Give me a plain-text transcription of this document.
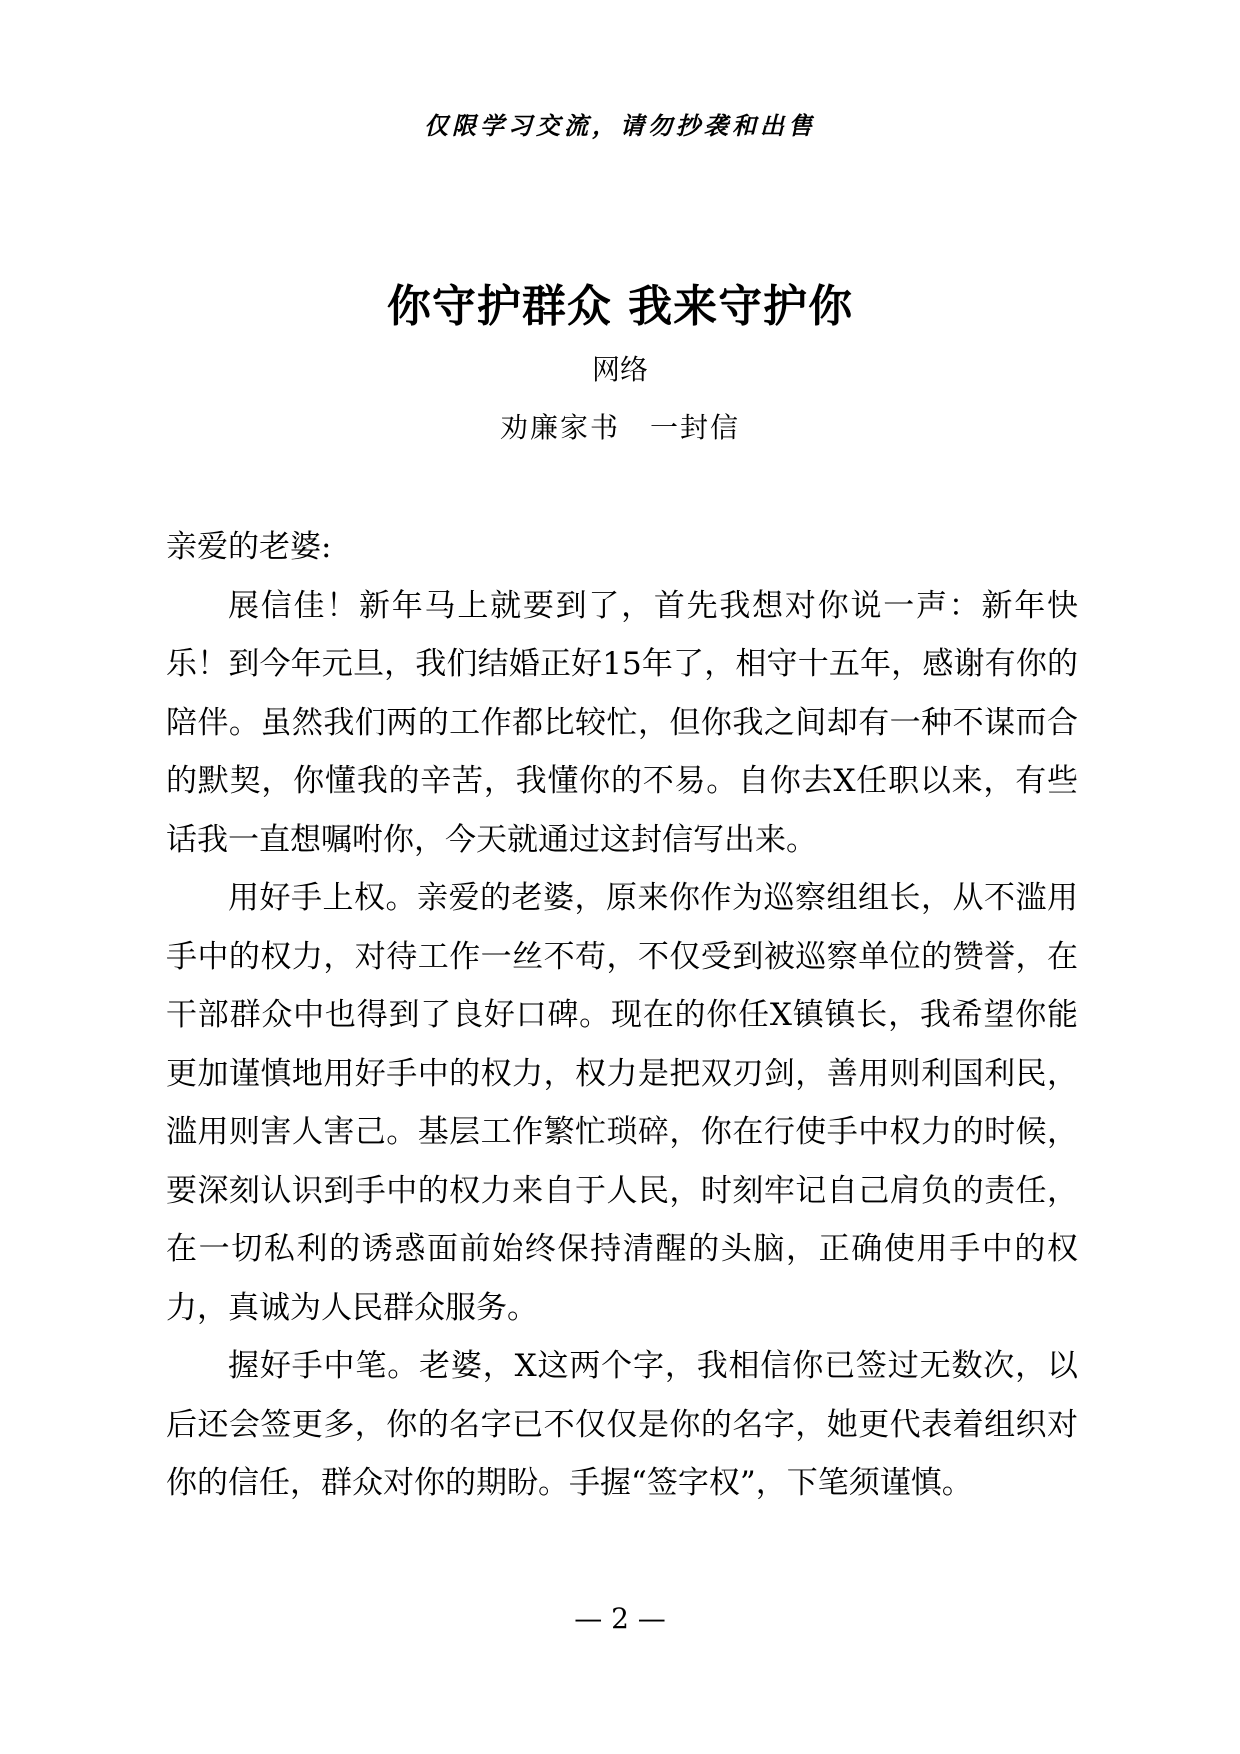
仅限学习交流，请勿抄袭和出售
你守护群众 我来守护你
网络
劝廉家书　一封信

亲爱的老婆:

展信佳！新年马上就要到了，首先我想对你说一声：新年快乐！到今年元旦，我们结婚正好15年了，相守十五年，感谢有你的陪伴。虽然我们两的工作都比较忙，但你我之间却有一种不谋而合的默契，你懂我的辛苦，我懂你的不易。自你去X任职以来，有些话我一直想嘱咐你，今天就通过这封信写出来。

用好手上权。亲爱的老婆，原来你作为巡察组组长，从不滥用手中的权力，对待工作一丝不苟，不仅受到被巡察单位的赞誉，在干部群众中也得到了良好口碑。现在的你任X镇镇长，我希望你能更加谨慎地用好手中的权力，权力是把双刃剑，善用则利国利民，滥用则害人害己。基层工作繁忙琐碎，你在行使手中权力的时候，要深刻认识到手中的权力来自于人民，时刻牢记自己肩负的责任，在一切私利的诱惑面前始终保持清醒的头脑，正确使用手中的权力，真诚为人民群众服务。

握好手中笔。老婆，X这两个字，我相信你已签过无数次，以后还会签更多，你的名字已不仅仅是你的名字，她更代表着组织对你的信任，群众对你的期盼。手握“签字权”，下笔须谨慎。

— 2 —
